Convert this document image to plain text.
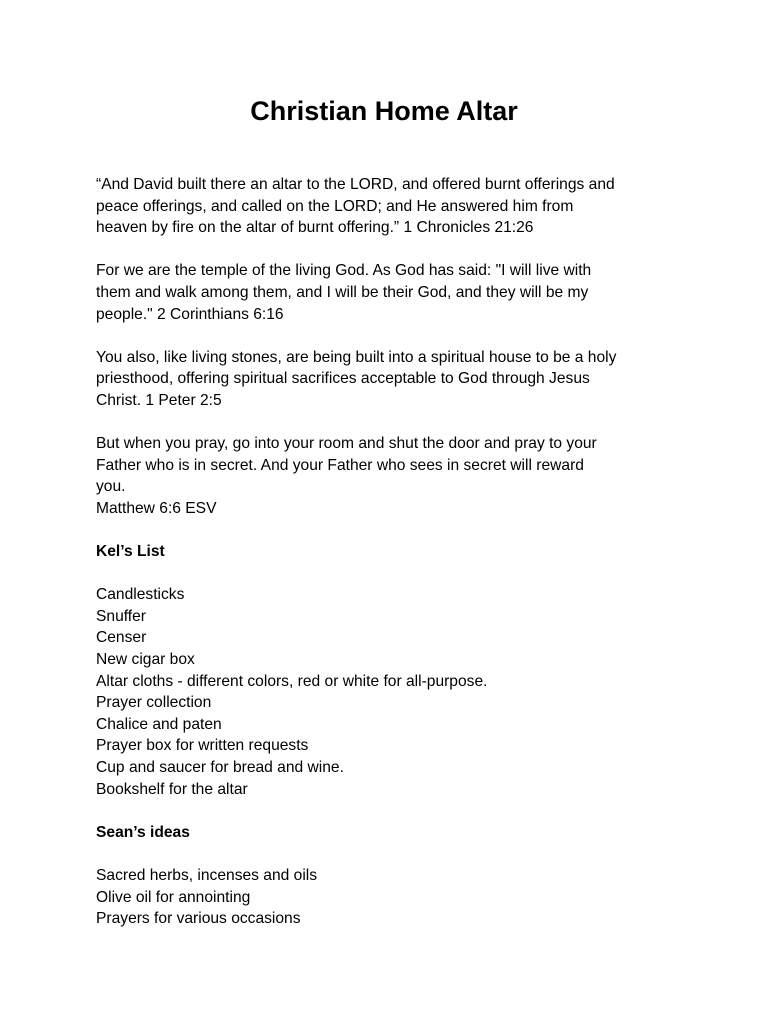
Christian Home Altar

“And David built there an altar to the LORD, and offered burnt offerings and
peace offerings, and called on the LORD; and He answered him from
heaven by fire on the altar of burnt offering.” 1 Chronicles 21:26

For we are the temple of the living God. As God has said: "I will live with
them and walk among them, and I will be their God, and they will be my
people." 2 Corinthians 6:16

You also, like living stones, are being built into a spiritual house to be a holy
priesthood, offering spiritual sacrifices acceptable to God through Jesus
Christ. 1 Peter 2:5

But when you pray, go into your room and shut the door and pray to your
Father who is in secret. And your Father who sees in secret will reward
you.

Matthew 6:6 ESV

Kel’s List

Candlesticks
Snuffer
Censer
New cigar box
Altar cloths - different colors, red or white for all-purpose.
Prayer collection
Chalice and paten
Prayer box for written requests
Cup and saucer for bread and wine.
Bookshelf for the altar

Sean’s ideas

Sacred herbs, incenses and oils
Olive oil for annointing
Prayers for various occasions
